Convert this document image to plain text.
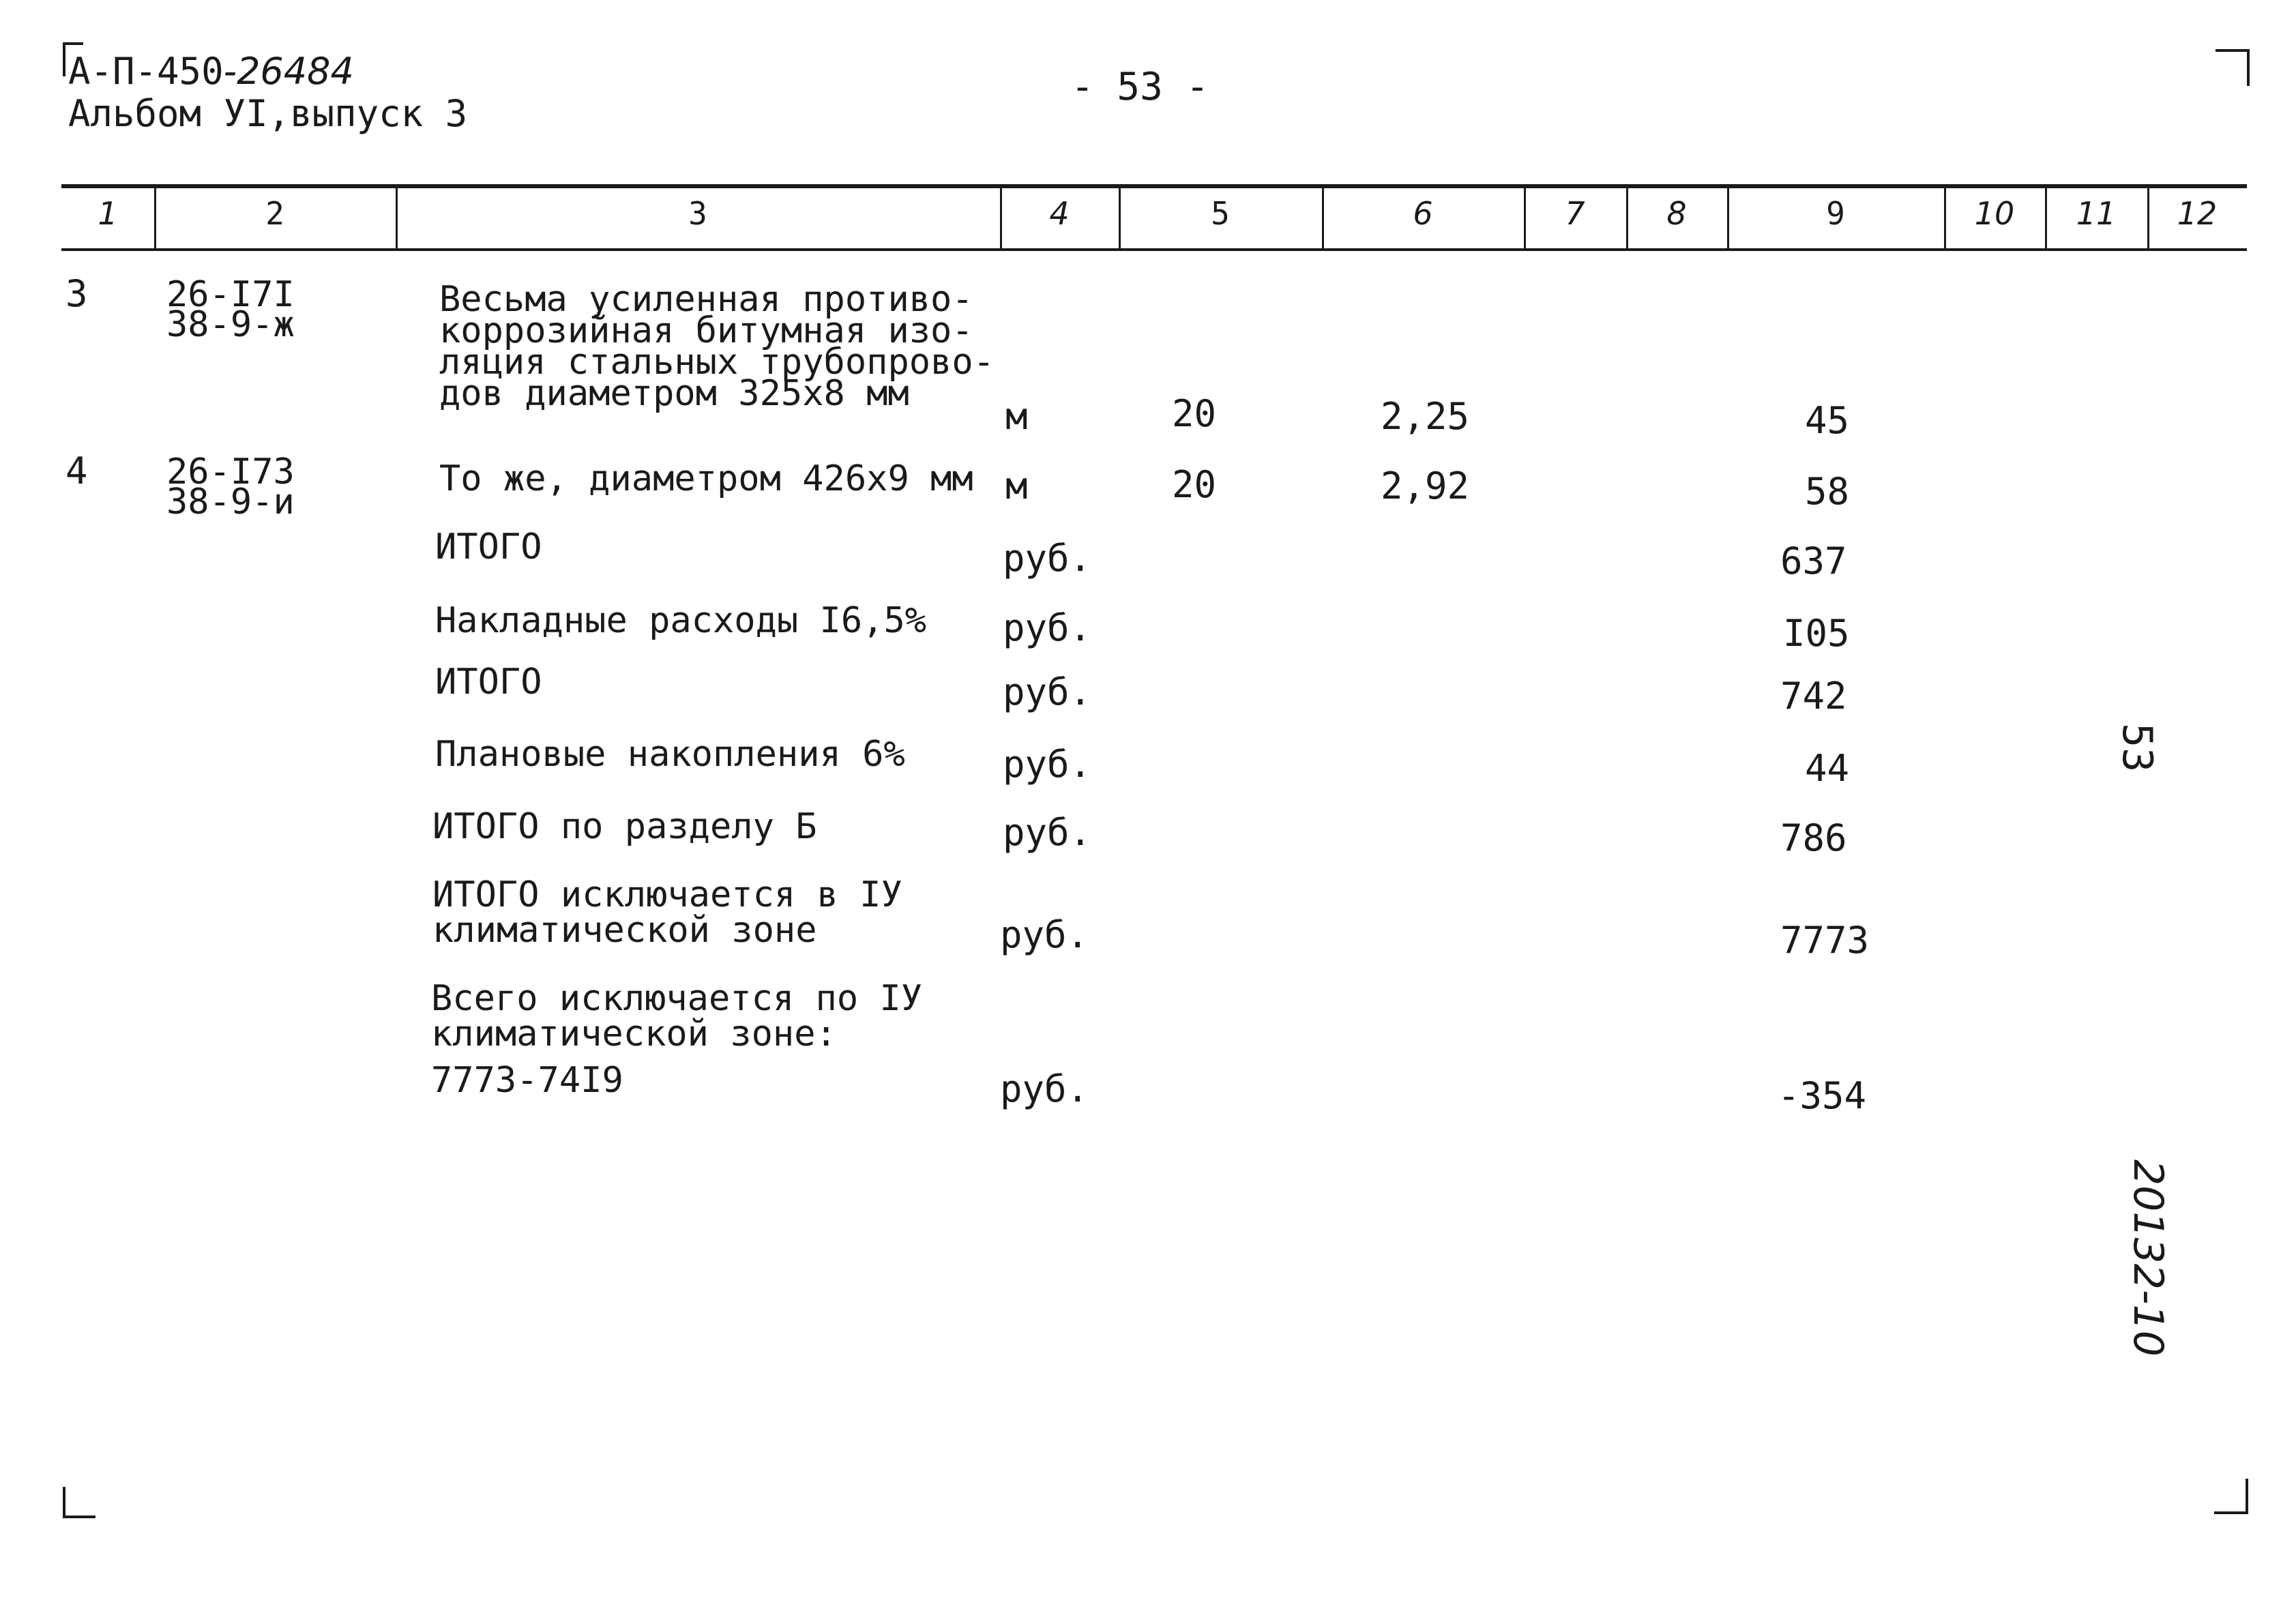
А-П-450-26484
Альбом УI,выпуск 3
- 53 -
1	2	3	4	5	6	7	8	9	10	11	12
3 26-I7I
38-9-ж
Весьма усиленная противо-
коррозийная битумная изо-
ляция стальных трубопрово-
дов диаметром 325х8 мм
м	20	2,25	45
4 26-I73
38-9-и
То же, диаметром 426х9 мм м	20	2,92	58
ИТОГО	руб.	637
Накладные расходы I6,5% руб.	I05
ИТОГО	руб.	742
Плановые накопления 6%	руб.	44
ИТОГО по разделу Б	руб.	786
ИТОГО исключается в IУ
климатической зоне	руб.	7773
Всего исключается по IУ
климатической зоне:
7773-74I9	руб.	-354
53
20132-10
